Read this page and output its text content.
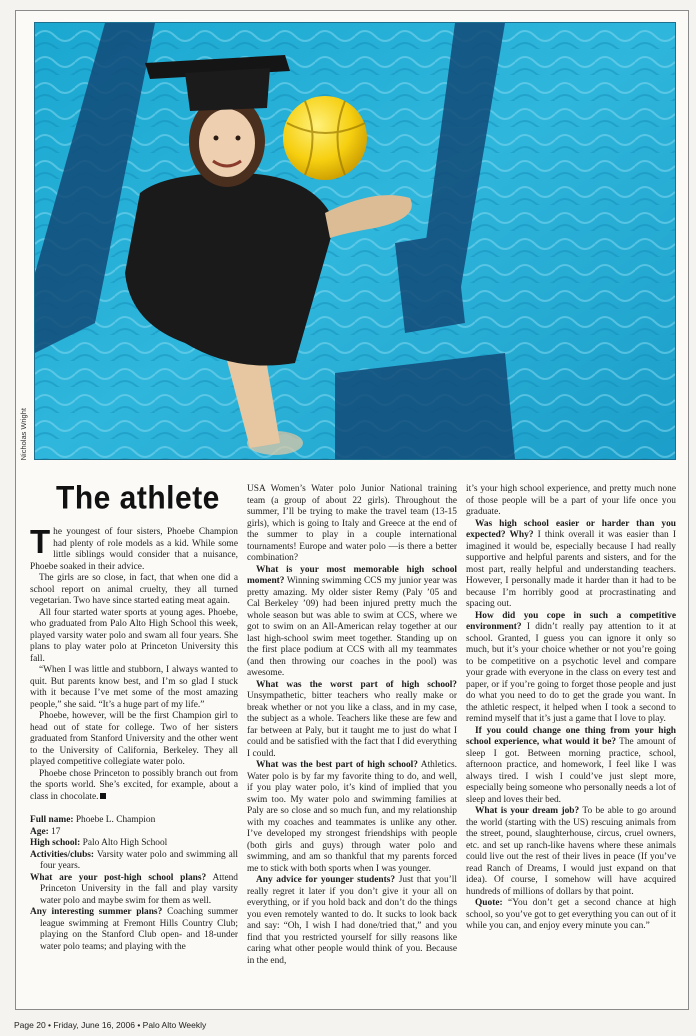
Nicholas Wright
The athlete

The youngest of four sisters, Phoebe Champion had plenty of role models as a kid. While some little siblings would consider that a nuisance, Phoebe soaked in their advice.

The girls are so close, in fact, that when one did a school report on animal cruelty, they all turned vegetarian. Two have since started eating meat again.

All four started water sports at young ages. Phoebe, who graduated from Palo Alto High School this week, played varsity water polo and swam all four years. She plans to play water polo at Princeton University this fall.

“When I was little and stubborn, I always wanted to quit. But parents know best, and I’m so glad I stuck with it because I’ve met some of the most amazing people,” she said. “It’s a huge part of my life.”

Phoebe, however, will be the first Champion girl to head out of state for college. Two of her sisters graduated from Stanford University and the other went to the University of California, Berkeley. They all played competitive collegiate water polo.

Phoebe chose Princeton to possibly branch out from the sports world. She’s excited, for example, about a class in chocolate.

Full name: Phoebe L. Champion

Age: 17

High school: Palo Alto High School

Activities/clubs: Varsity water polo and swimming all four years.

What are your post-high school plans? Attend Princeton University in the fall and play varsity water polo and maybe swim for them as well.

Any interesting summer plans? Coaching summer league swimming at Fremont Hills Country Club; playing on the Stanford Club open- and 18-under water polo teams; and playing with the

USA Women’s Water polo Junior National training team (a group of about 22 girls). Throughout the summer, I’ll be trying to make the travel team (13-15 girls), which is going to Italy and Greece at the end of the summer to play in a couple international tournaments! Europe and water polo —is there a better combination?

What is your most memorable high school moment? Winning swimming CCS my junior year was pretty amazing. My older sister Remy (Paly ’05 and Cal Berkeley ’09) had been injured pretty much the whole season but was able to swim at CCS, where we got to swim on an All-American relay together at our last high-school swim meet together. Standing up on the first place podium at CCS with all my teammates (and then throwing our coaches in the pool) was awesome.

What was the worst part of high school? Unsympathetic, bitter teachers who really make or break whether or not you like a class, and in my case, the subject as a whole. Teachers like these are few and far between at Paly, but it taught me to just do what I could and be satisfied with the fact that I did everything I could.

What was the best part of high school? Athletics. Water polo is by far my favorite thing to do, and well, if you play water polo, it’s kind of implied that you swim too. My water polo and swimming families at Paly are so close and so much fun, and my relationship with my coaches and teammates is unlike any other. I’ve developed my strongest friendships with people (both girls and guys) through water polo and swimming, and am so thankful that my parents forced me to stick with both sports when I was younger.

Any advice for younger students? Just that you’ll really regret it later if you don’t give it your all on everything, or if you hold back and don’t do the things you even remotely wanted to do. It sucks to look back and say: “Oh, I wish I had done/tried that,” and you find that you restricted yourself for silly reasons like caring what other people would think of you. Because in the end,

it’s your high school experience, and pretty much none of those people will be a part of your life once you graduate.

Was high school easier or harder than you expected? Why? I think overall it was easier than I imagined it would be, especially because I had really supportive and helpful parents and sisters, and for the most part, really helpful and understanding teachers. However, I personally made it harder than it had to be because I’m horribly good at procrastinating and spacing out.

How did you cope in such a competitive environment? I didn’t really pay attention to it at school. Granted, I guess you can ignore it only so much, but it’s your choice whether or not you’re going to be competitive on a psychotic level and compare your grade with everyone in the class on every test and paper, or if you’re going to forget those people and just do what you need to do to get the grade you want. In the athletic respect, it helped when I took a second to remind myself that it’s just a game that I love to play.

If you could change one thing from your high school experience, what would it be? The amount of sleep I got. Between morning practice, school, afternoon practice, and homework, I feel like I was always tired. I wish I could’ve just slept more, especially being someone who personally needs a lot of sleep and loves their bed.

What is your dream job? To be able to go around the world (starting with the US) rescuing animals from the street, pound, slaughterhouse, circus, cruel owners, etc. and set up ranch-like havens where these animals could live out the rest of their lives in peace (If you’ve read Ranch of Dreams, I would just expand on that idea). Of course, I somehow will have acquired hundreds of millions of dollars by that point.

Quote: “You don’t get a second chance at high school, so you’ve got to get everything you can out of it while you can, and enjoy every minute you can.”

Page 20 • Friday, June 16, 2006 • Palo Alto Weekly
